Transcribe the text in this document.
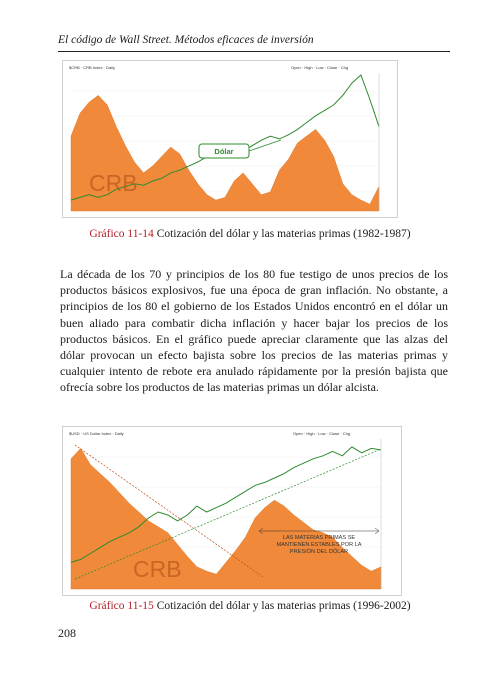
El código de Wall Street. Métodos eficaces de inversión
$CRB · CRB Index · Daily	Open · High · Low · Close · Chg
CRB
Dólar
Gráfico 11-14 Cotización del dólar y las materias primas (1982-1987)

La década de los 70 y principios de los 80 fue testigo de unos precios de los productos básicos explosivos, fue una época de gran inflación. No obstante, a principios de los 80 el gobierno de los Estados Unidos encontró en el dólar un buen aliado para combatir dicha inflación y hacer bajar los precios de los productos básicos. En el gráfico puede apreciar claramente que las alzas del dólar provocan un efecto bajista sobre los precios de las materias primas y cualquier intento de rebote era anulado rápidamente por la presión bajista que ofrecía sobre los productos de las materias primas un dólar alcista.

$USD · US Dollar Index · Daily	Open · High · Low · Close · Chg
CRB
LAS MATERIAS PRIMAS SE
MANTIENEN ESTABLES POR LA
PRESIÓN DEL DÓLAR
Gráfico 11-15 Cotización del dólar y las materias primas (1996-2002)
208
